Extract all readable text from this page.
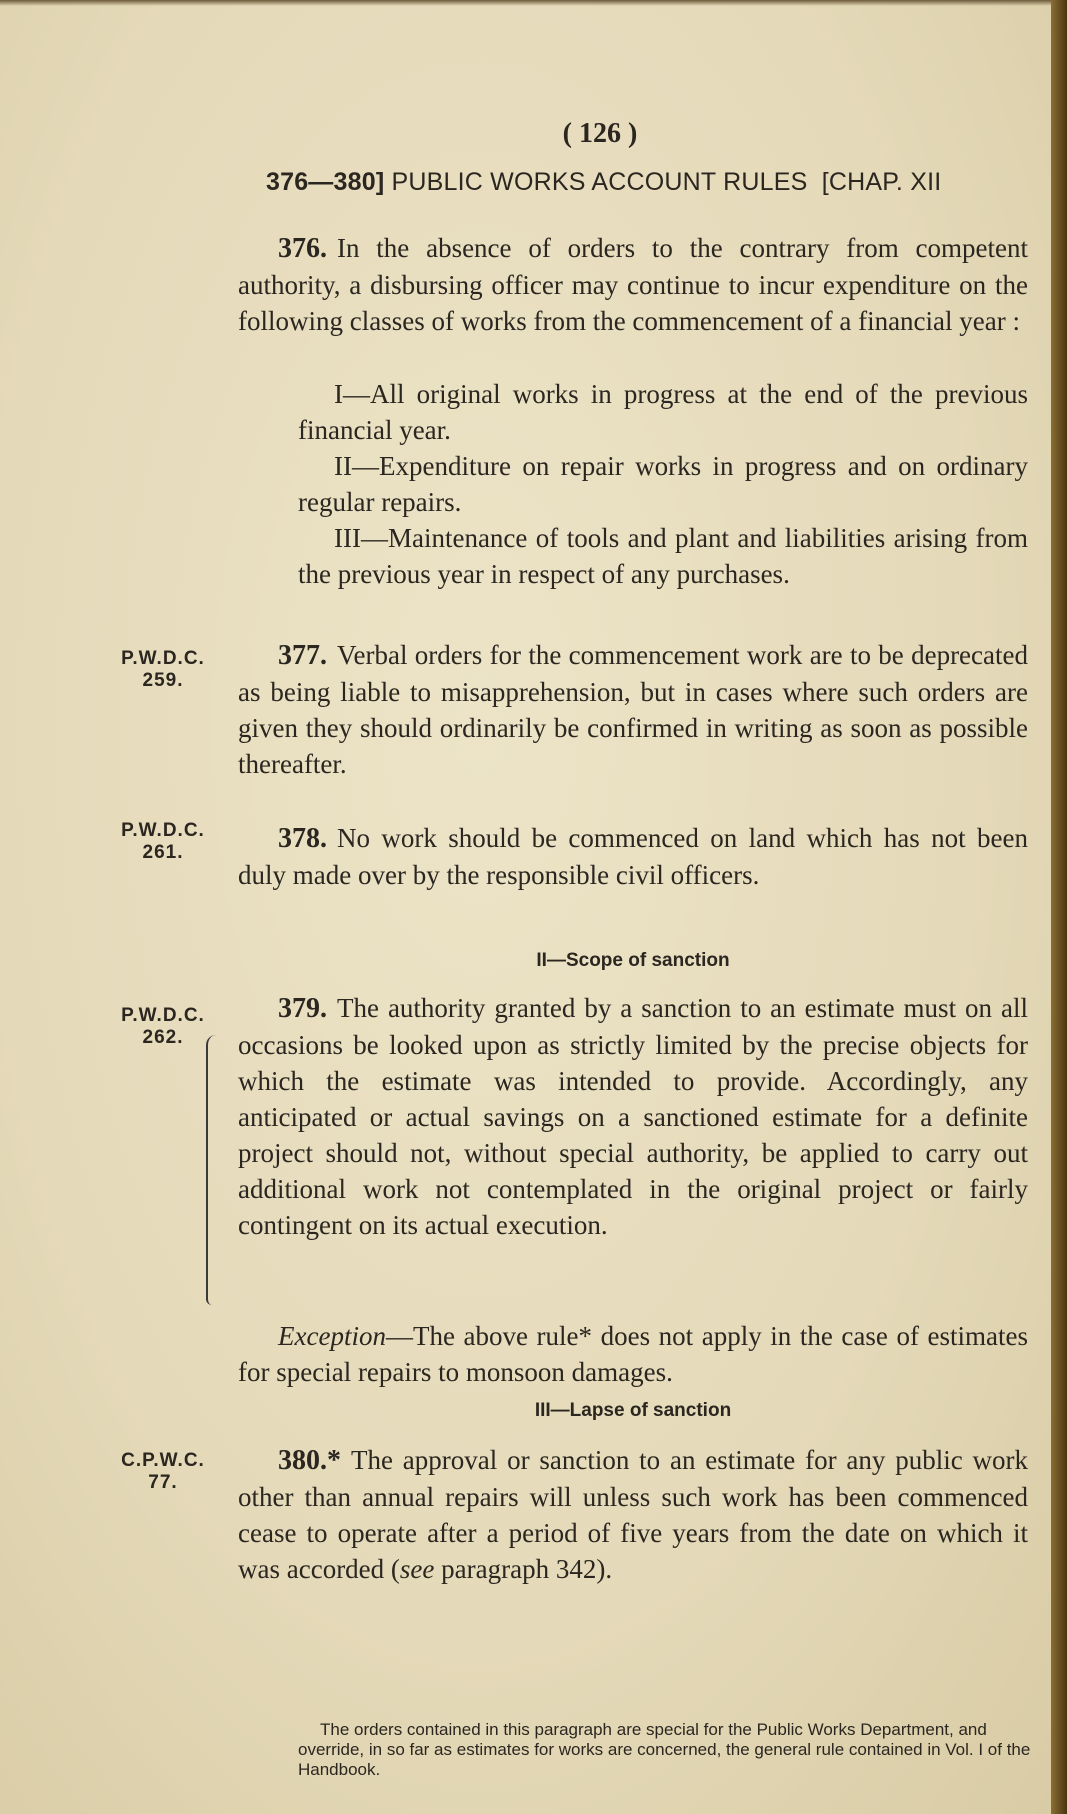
( 126 )
376—380] PUBLIC WORKS ACCOUNT RULES [CHAP. XII
376. In the absence of orders to the contrary from competent authority, a disbursing officer may continue to incur expenditure on the following classes of works from the commencement of a financial year :
I—All original works in progress at the end of the previous financial year.
II—Expenditure on repair works in progress and on ordinary regular repairs.
III—Maintenance of tools and plant and liabilities arising from the previous year in respect of any purchases.
P.W.D.C.
259.
377. Verbal orders for the commencement work are to be deprecated as being liable to misapprehension, but in cases where such orders are given they should ordinarily be confirmed in writing as soon as possible thereafter.
P.W.D.C.
261.	378. No work should be commenced on land which has not been duly made over by the responsible civil officers.
II—Scope of sanction
P.W.D.C.
262.
379. The authority granted by a sanction to an estimate must on all occasions be looked upon as strictly limited by the precise objects for which the estimate was intended to provide. Accordingly, any anticipated or actual savings on a sanctioned estimate for a definite project should not, without special authority, be applied to carry out additional work not contemplated in the original project or fairly contingent on its actual execution.
Exception—The above rule* does not apply in the case of estimates for special repairs to monsoon damages.
III—Lapse of sanction
C.P.W.C.
77.
380.* The approval or sanction to an estimate for any public work other than annual repairs will unless such work has been commenced cease to operate after a period of five years from the date on which it was accorded (see paragraph 342).
The orders contained in this paragraph are special for the Public Works Department, and override, in so far as estimates for works are concerned, the general rule contained in Vol. I of the Handbook.
